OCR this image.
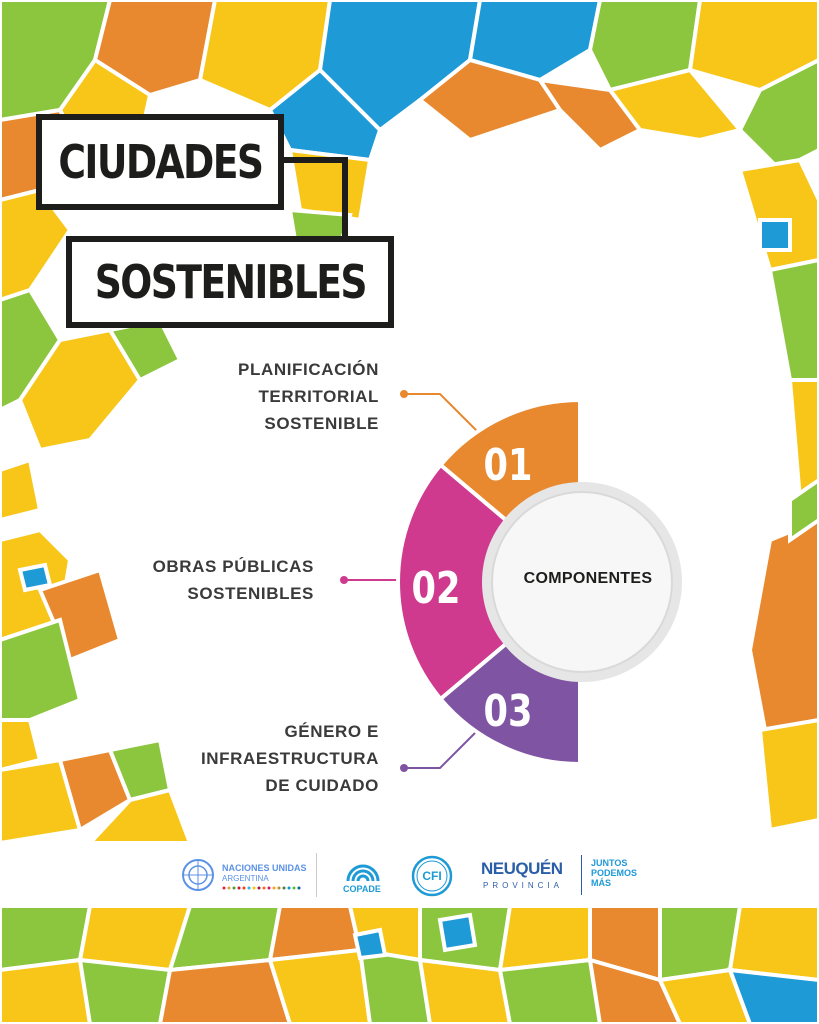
CIUDADES
SOSTENIBLES
01
02
03
COMPONENTES
PLANIFICACIÓN
TERRITORIAL
SOSTENIBLE
OBRAS PÚBLICAS
SOSTENIBLES
GÉNERO E
INFRAESTRUCTURA
DE CUIDADO
NACIONES UNIDAS
ARGENTINA
COPADE
CFI	NEUQUÉN
PROVINCIA
JUNTOS
PODEMOS
MÁS
